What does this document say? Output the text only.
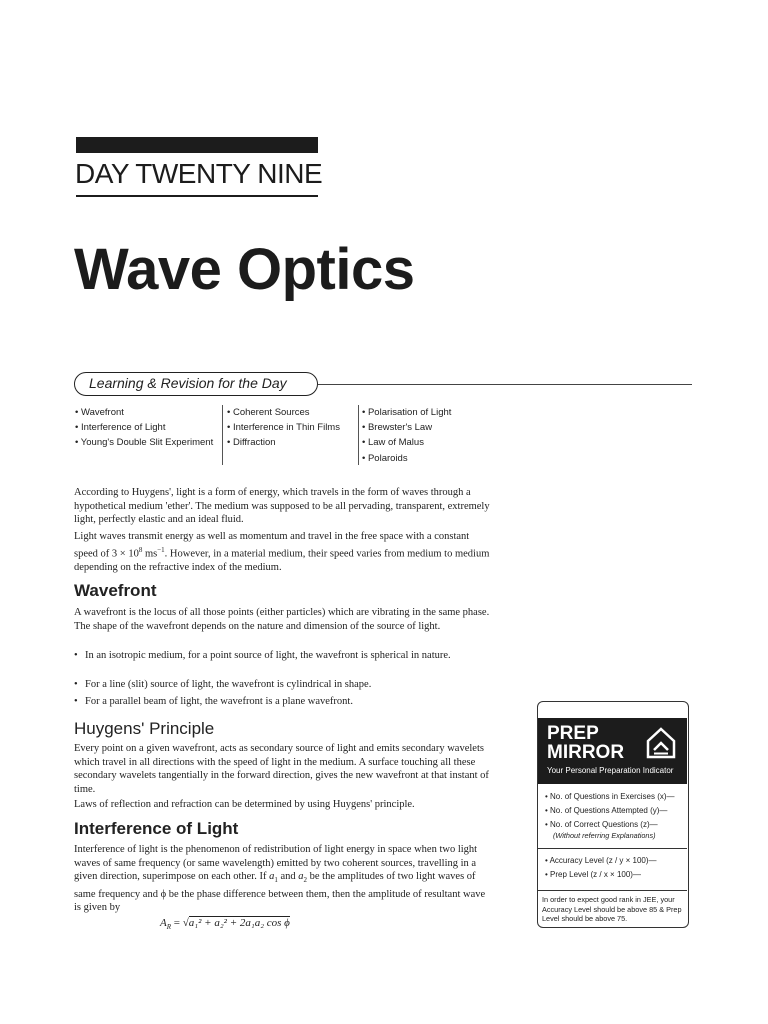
DAY TWENTY NINE
Wave Optics
Learning & Revision for the Day
• Wavefront
• Interference of Light
• Young's Double Slit Experiment
• Coherent Sources
• Interference in Thin Films
• Diffraction
• Polarisation of Light
• Brewster's Law
• Law of Malus
• Polaroids

According to Huygens', light is a form of energy, which travels in the form of waves through a hypothetical medium 'ether'. The medium was supposed to be all pervading, transparent, extremely light, perfectly elastic and an ideal fluid.

Light waves transmit energy as well as momentum and travel in the free space with a constant speed of $3 \times 10^8$ $ms^{-1}$. However, in a material medium, their speed varies from medium to medium depending on the refractive index of the medium.

Wavefront

A wavefront is the locus of all those points (either particles) which are vibrating in the same phase. The shape of the wavefront depends on the nature and dimension of the source of light.

• In an isotropic medium, for a point source of light, the wavefront is spherical in nature.
• For a line (slit) source of light, the wavefront is cylindrical in shape.
• For a parallel beam of light, the wavefront is a plane wavefront.
Huygens' Principle

Every point on a given wavefront, acts as secondary source of light and emits secondary wavelets which travel in all directions with the speed of light in the medium. A surface touching all these secondary wavelets tangentially in the forward direction, gives the new wavefront at that instant of time.

Laws of reflection and refraction can be determined by using Huygens' principle.

Interference of Light

Interference of light is the phenomenon of redistribution of light energy in space when two light waves of same frequency (or same wavelength) emitted by two coherent sources, travelling in a given direction, superimpose on each other. If $a_1$ and $a_2$ be the amplitudes of two light waves of same frequency and ϕ be the phase difference between them, then the amplitude of resultant wave is given by

$A_R = √a_1^2 + a_2^2 + 2a_1a_2$ cos ϕ
PREP
MIRROR
Your Personal Preparation Indicator
• No. of Questions in Exercises (x)—
• No. of Questions Attempted (y)—
• No. of Correct Questions (z)—
(Without referring Explanations)
• Accuracy Level (z / y × 100)—
• Prep Level (z / x × 100)—
In order to expect good rank in JEE, your Accuracy Level should be above 85 & Prep Level should be above 75.
